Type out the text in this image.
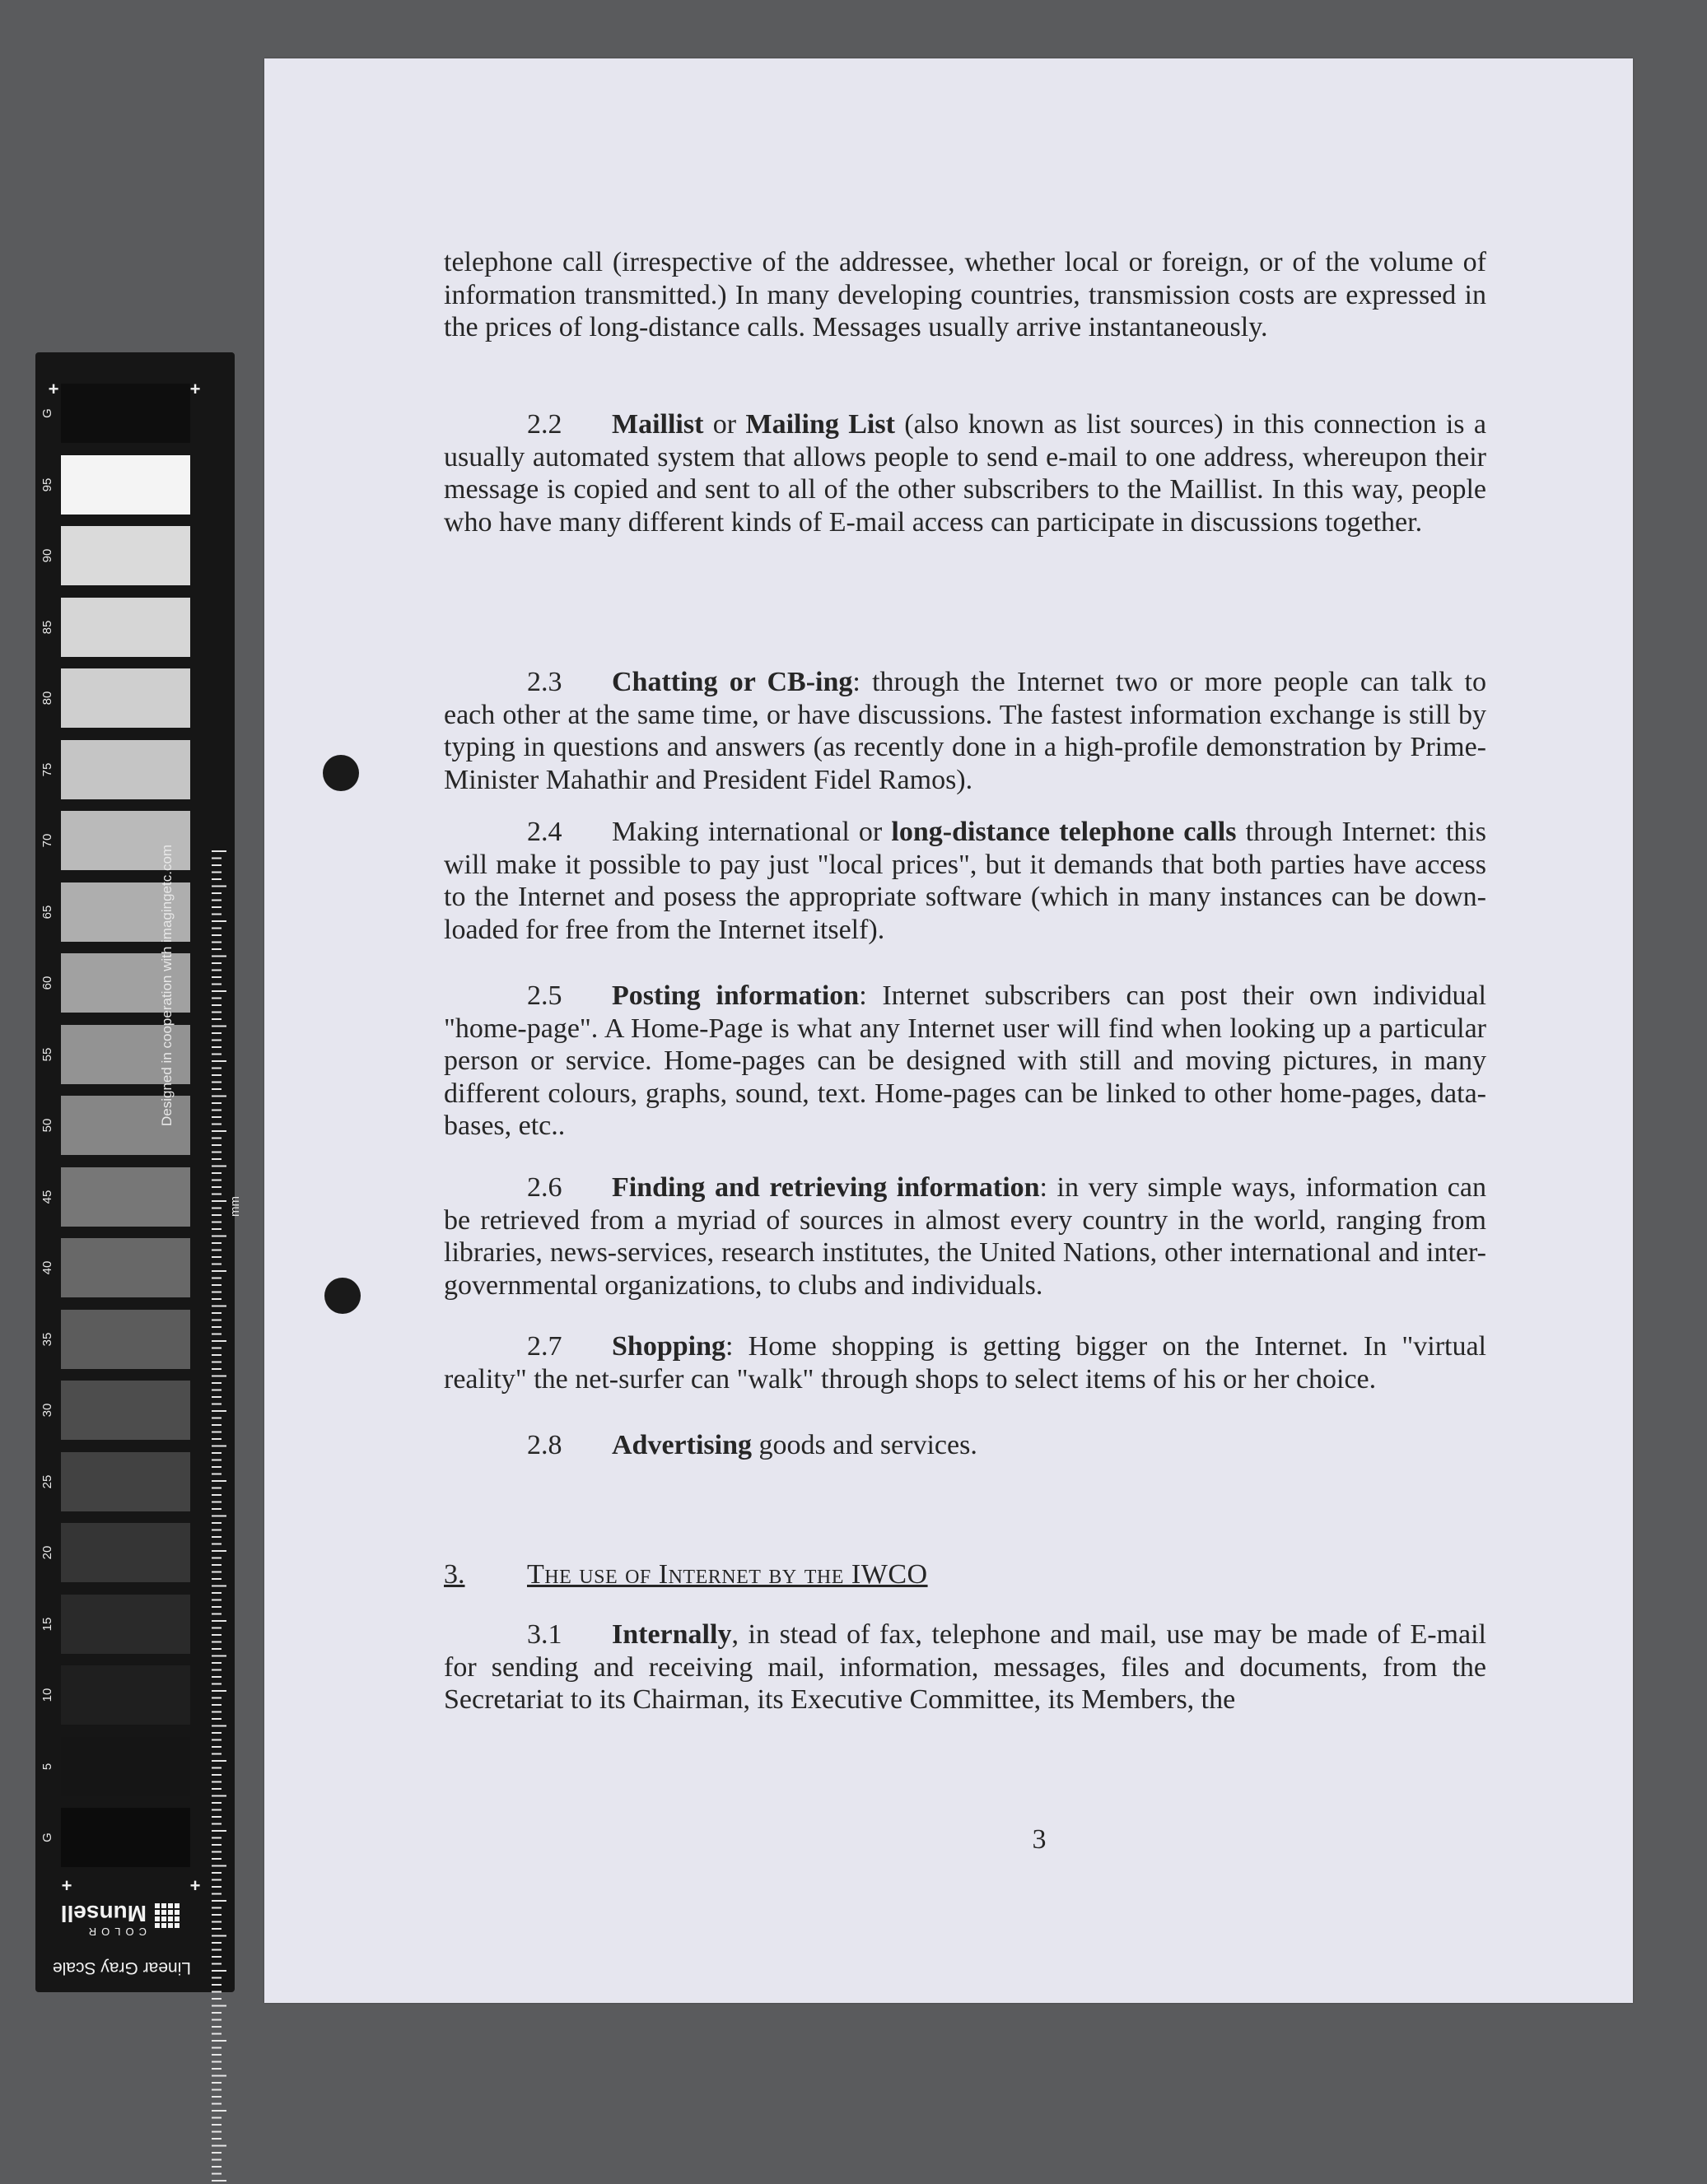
+	+
+	+
G
95
90
85
80
75
70
65
60
55
50
45
40
35
30
25
20
15
10
5
G
Designed in cooperation with imagingetc.com
mm
Linear Gray Scale
COLOR
Munsell

telephone call (irrespective of the addressee, whether local or foreign, or of the volume of information transmitted.) In many developing countries, transmission costs are expressed in the prices of long-distance calls. Messages usually arrive instantaneously.

2.2 Maillist or Mailing List (also known as list sources) in this connection is a usually automated system that allows people to send e-mail to one address, whereupon their message is copied and sent to all of the other subscribers to the Maillist. In this way, people who have many different kinds of E-mail access can participate in discussions together.

2.3 Chatting or CB-ing: through the Internet two or more people can talk to each other at the same time, or have discussions. The fastest information exchange is still by typing in questions and answers (as recently done in a high-profile demonstration by Prime-Minister Mahathir and President Fidel Ramos).

2.4 Making international or long-distance telephone calls through Internet: this will make it possible to pay just "local prices", but it demands that both parties have access to the Internet and posess the appropriate software (which in many instances can be down-loaded for free from the Internet itself).

2.5 Posting information: Internet subscribers can post their own individual "home-page". A Home-Page is what any Internet user will find when looking up a particular person or service. Home-pages can be designed with still and moving pictures, in many different colours, graphs, sound, text. Home-pages can be linked to other home-pages, data-bases, etc..

2.6 Finding and retrieving information: in very simple ways, information can be retrieved from a myriad of sources in almost every country in the world, ranging from libraries, news-services, research institutes, the United Nations, other international and inter-governmental organizations, to clubs and individuals.

2.7 Shopping: Home shopping is getting bigger on the Internet. In "virtual reality" the net-surfer can "walk" through shops to select items of his or her choice.

2.8 Advertising goods and services.

3. The use of Internet by the IWCO

3.1 Internally, in stead of fax, telephone and mail, use may be made of E-mail for sending and receiving mail, information, messages, files and documents, from the Secretariat to its Chairman, its Executive Committee, its Members, the

3
